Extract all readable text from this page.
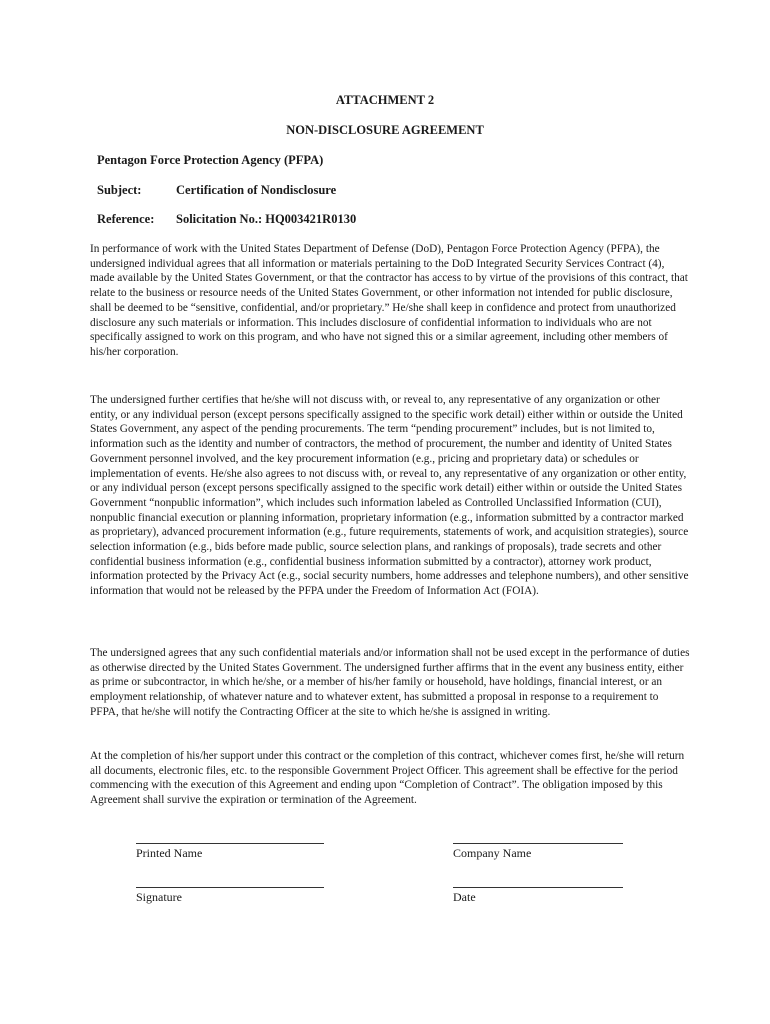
ATTACHMENT 2
NON-DISCLOSURE AGREEMENT
Pentagon Force Protection Agency (PFPA)
Subject:	Certification of Nondisclosure
Reference: Solicitation No.: HQ003421R0130

In performance of work with the United States Department of Defense (DoD), Pentagon Force Protection Agency (PFPA), the undersigned individual agrees that all information or materials pertaining to the DoD Integrated Security Services Contract (4), made available by the United States Government, or that the contractor has access to by virtue of the provisions of this contract, that relate to the business or resource needs of the United States Government, or other information not intended for public disclosure, shall be deemed to be “sensitive, confidential, and/or proprietary.” He/she shall keep in confidence and protect from unauthorized disclosure any such materials or information. This includes disclosure of confidential information to individuals who are not specifically assigned to work on this program, and who have not signed this or a similar agreement, including other members of his/her corporation.

The undersigned further certifies that he/she will not discuss with, or reveal to, any representative of any organization or other entity, or any individual person (except persons specifically assigned to the specific work detail) either within or outside the United States Government, any aspect of the pending procurements. The term “pending procurement” includes, but is not limited to, information such as the identity and number of contractors, the method of procurement, the number and identity of United States Government personnel involved, and the key procurement information (e.g., pricing and proprietary data) or schedules or implementation of events. He/she also agrees to not discuss with, or reveal to, any representative of any organization or other entity, or any individual person (except persons specifically assigned to the specific work detail) either within or outside the United States Government “nonpublic information”, which includes such information labeled as Controlled Unclassified Information (CUI), nonpublic financial execution or planning information, proprietary information (e.g., information submitted by a contractor marked as proprietary), advanced procurement information (e.g., future requirements, statements of work, and acquisition strategies), source selection information (e.g., bids before made public, source selection plans, and rankings of proposals), trade secrets and other confidential business information (e.g., confidential business information submitted by a contractor), attorney work product, information protected by the Privacy Act (e.g., social security numbers, home addresses and telephone numbers), and other sensitive information that would not be released by the PFPA under the Freedom of Information Act (FOIA).

The undersigned agrees that any such confidential materials and/or information shall not be used except in the performance of duties as otherwise directed by the United States Government. The undersigned further affirms that in the event any business entity, either as prime or subcontractor, in which he/she, or a member of his/her family or household, have holdings, financial interest, or an employment relationship, of whatever nature and to whatever extent, has submitted a proposal in response to a requirement to PFPA, that he/she will notify the Contracting Officer at the site to which he/she is assigned in writing.

At the completion of his/her support under this contract or the completion of this contract, whichever comes first, he/she will return all documents, electronic files, etc. to the responsible Government Project Officer. This agreement shall be effective for the period commencing with the execution of this Agreement and ending upon “Completion of Contract”. The obligation imposed by this Agreement shall survive the expiration or termination of the Agreement.

Printed Name	Company Name
Signature	Date
